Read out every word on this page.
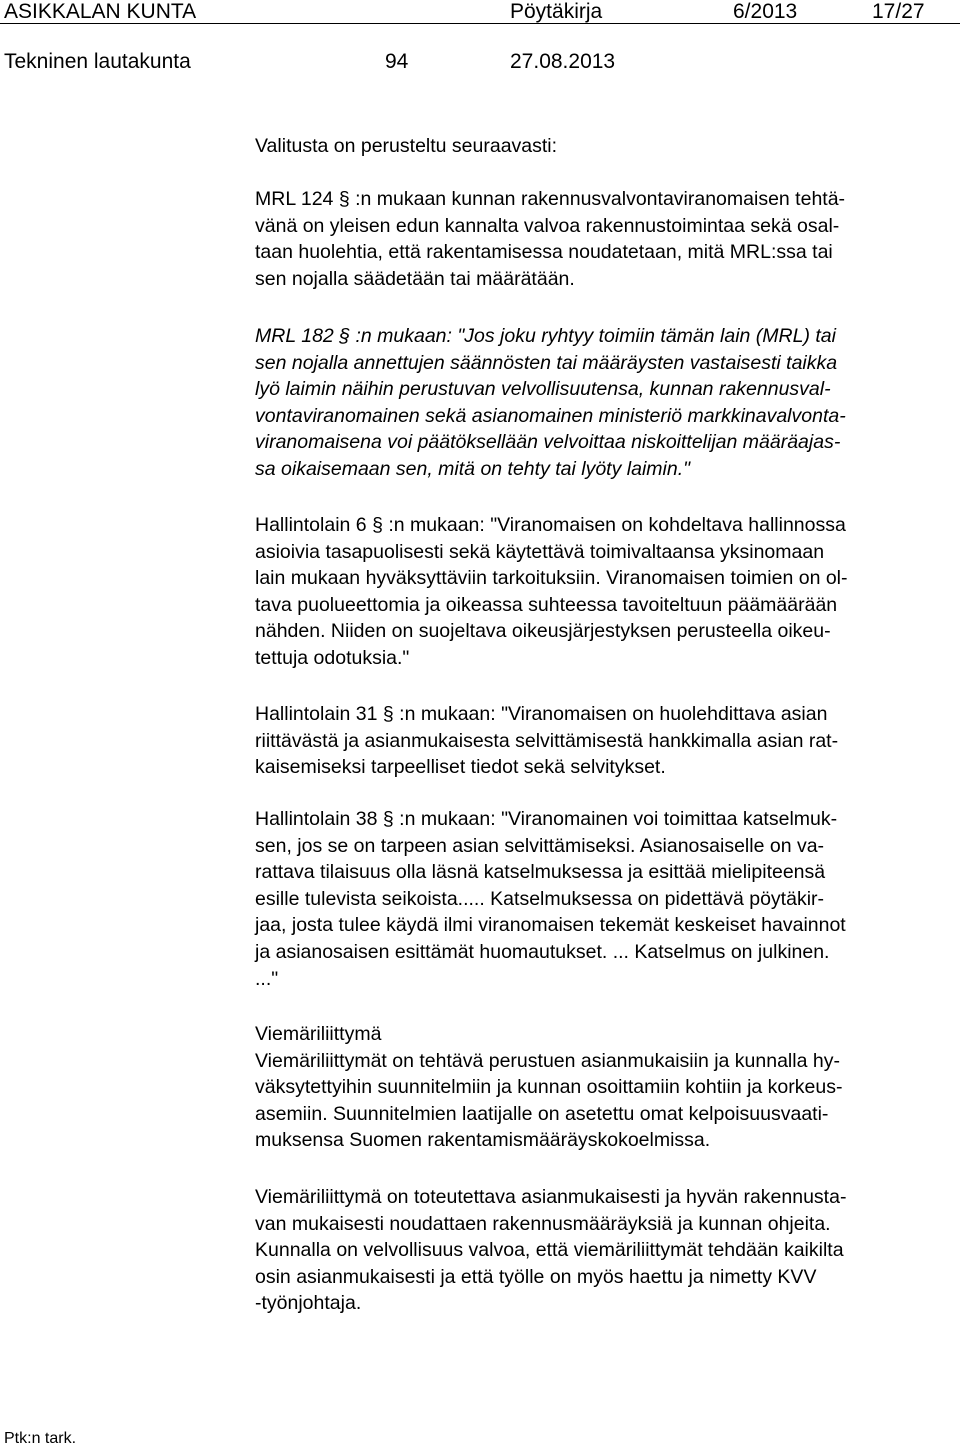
ASIKKALAN KUNTA	Pöytäkirja	6/2013	17/27
Tekninen lautakunta	94	27.08.2013
Valitusta on perusteltu seuraavasti:
MRL 124 § :n mukaan kunnan rakennusvalvontaviranomaisen tehtä-
vänä on yleisen edun kannalta valvoa rakennustoimintaa sekä osal-
taan huolehtia, että rakentamisessa noudatetaan, mitä MRL:ssa tai
sen nojalla säädetään tai määrätään.
MRL 182 § :n mukaan: "Jos joku ryhtyy toimiin tämän lain (MRL) tai
sen nojalla annettujen säännösten tai määräysten vastaisesti taikka
lyö laimin näihin perustuvan velvollisuutensa, kunnan rakennusval-
vontaviranomainen sekä asianomainen ministeriö markkinavalvonta-
viranomaisena voi päätöksellään velvoittaa niskoittelijan määräajas-
sa oikaisemaan sen, mitä on tehty tai lyöty laimin."
Hallintolain 6 § :n mukaan: "Viranomaisen on kohdeltava hallinnossa
asioivia tasapuolisesti sekä käytettävä toimivaltaansa yksinomaan
lain mukaan hyväksyttäviin tarkoituksiin. Viranomaisen toimien on ol-
tava puolueettomia ja oikeassa suhteessa tavoiteltuun päämäärään
nähden. Niiden on suojeltava oikeusjärjestyksen perusteella oikeu-
tettuja odotuksia."
Hallintolain 31 § :n mukaan: "Viranomaisen on huolehdittava asian
riittävästä ja asianmukaisesta selvittämisestä hankkimalla asian rat-
kaisemiseksi tarpeelliset tiedot sekä selvitykset.
Hallintolain 38 § :n mukaan: "Viranomainen voi toimittaa katselmuk-
sen, jos se on tarpeen asian selvittämiseksi. Asianosaiselle on va-
rattava tilaisuus olla läsnä katselmuksessa ja esittää mielipiteensä
esille tulevista seikoista..... Katselmuksessa on pidettävä pöytäkir-
jaa, josta tulee käydä ilmi viranomaisen tekemät keskeiset havainnot
ja asianosaisen esittämät huomautukset. ... Katselmus on julkinen.
..."
Viemäriliittymä
Viemäriliittymät on tehtävä perustuen asianmukaisiin ja kunnalla hy-
väksytettyihin suunnitelmiin ja kunnan osoittamiin kohtiin ja korkeus-
asemiin. Suunnitelmien laatijalle on asetettu omat kelpoisuusvaati-
muksensa Suomen rakentamismääräyskokoelmissa.
Viemäriliittymä on toteutettava asianmukaisesti ja hyvän rakennusta-
van mukaisesti noudattaen rakennusmääräyksiä ja kunnan ohjeita.
Kunnalla on velvollisuus valvoa, että viemäriliittymät tehdään kaikilta
osin asianmukaisesti ja että työlle on myös haettu ja nimetty KVV
-työnjohtaja.
Ptk:n tark.
